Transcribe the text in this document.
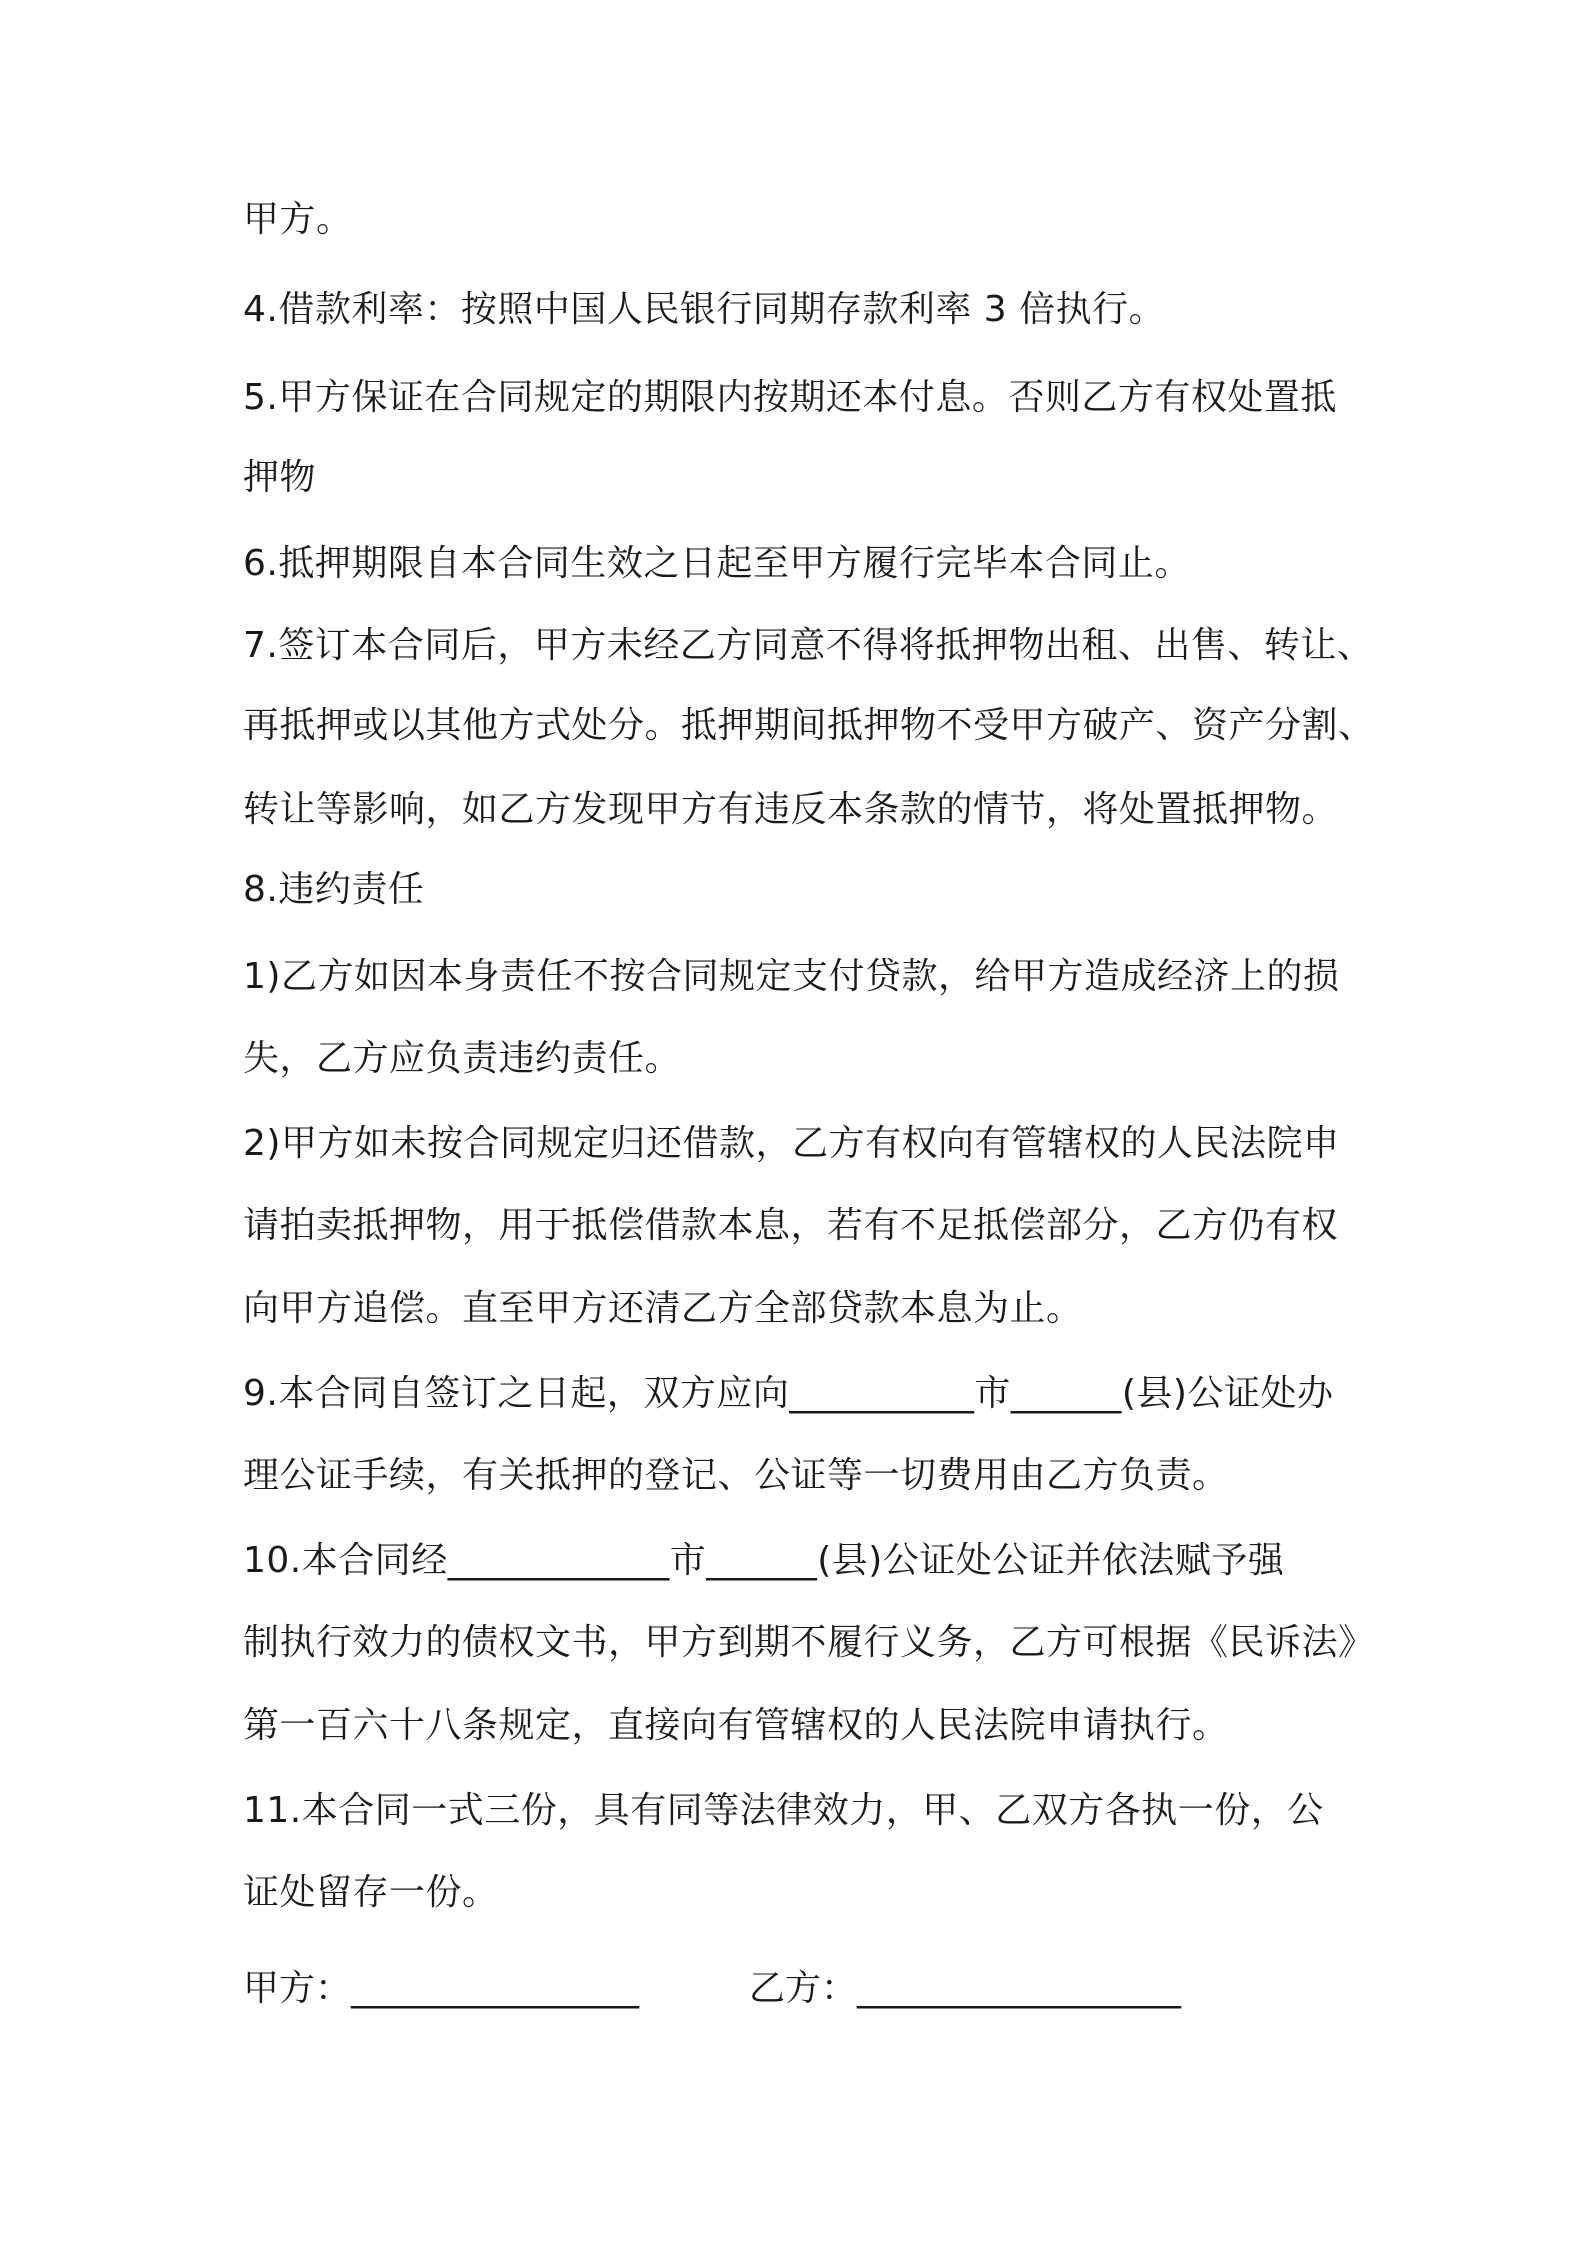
甲方。
4.借款利率：按照中国人民银行同期存款利率 3 倍执行。
5.甲方保证在合同规定的期限内按期还本付息。否则乙方有权处置抵
押物
6.抵押期限自本合同生效之日起至甲方履行完毕本合同止。
7.签订本合同后，甲方未经乙方同意不得将抵押物出租、出售、转让、
再抵押或以其他方式处分。抵押期间抵押物不受甲方破产、资产分割、
转让等影响，如乙方发现甲方有违反本条款的情节，将处置抵押物。
8.违约责任
1)乙方如因本身责任不按合同规定支付贷款，给甲方造成经济上的损
失，乙方应负责违约责任。
2)甲方如未按合同规定归还借款，乙方有权向有管辖权的人民法院申
请拍卖抵押物，用于抵偿借款本息，若有不足抵偿部分，乙方仍有权
向甲方追偿。直至甲方还清乙方全部贷款本息为止。
9.本合同自签订之日起，双方应向__________市______(县)公证处办
理公证手续，有关抵押的登记、公证等一切费用由乙方负责。
10.本合同经____________市______(县)公证处公证并依法赋予强
制执行效力的债权文书，甲方到期不履行义务，乙方可根据《民诉法》
第一百六十八条规定，直接向有管辖权的人民法院申请执行。
11.本合同一式三份，具有同等法律效力，甲、乙双方各执一份，公
证处留存一份。

甲方：________________

	乙方：__________________
